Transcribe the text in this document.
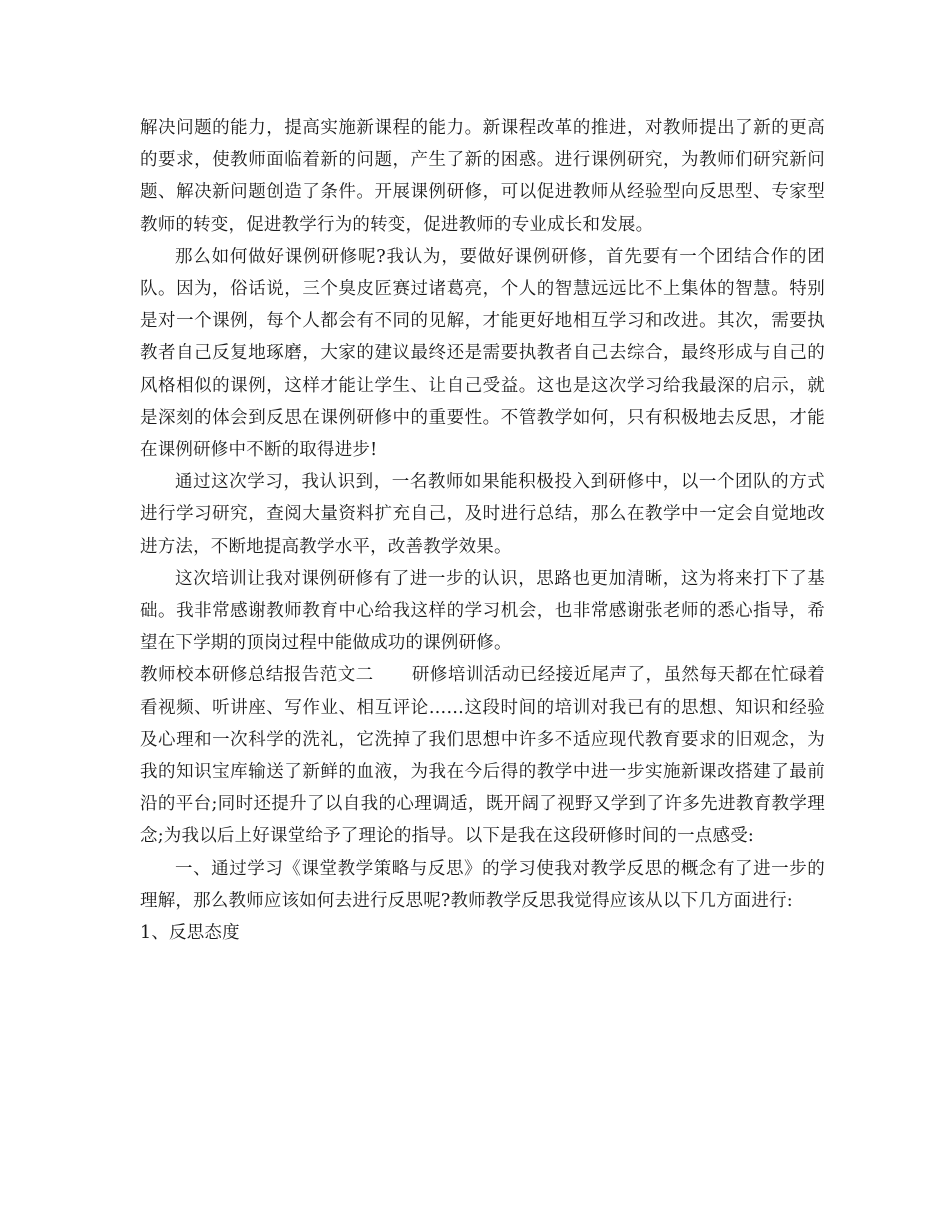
解决问题的能力，提高实施新课程的能力。新课程改革的推进，对教师提出了新的更高的要求，使教师面临着新的问题，产生了新的困惑。进行课例研究，为教师们研究新问题、解决新问题创造了条件。开展课例研修，可以促进教师从经验型向反思型、专家型教师的转变，促进教学行为的转变，促进教师的专业成长和发展。

那么如何做好课例研修呢?我认为，要做好课例研修，首先要有一个团结合作的团队。因为，俗话说，三个臭皮匠赛过诸葛亮，个人的智慧远远比不上集体的智慧。特别是对一个课例，每个人都会有不同的见解，才能更好地相互学习和改进。其次，需要执教者自己反复地琢磨，大家的建议最终还是需要执教者自己去综合，最终形成与自己的风格相似的课例，这样才能让学生、让自己受益。这也是这次学习给我最深的启示，就是深刻的体会到反思在课例研修中的重要性。不管教学如何，只有积极地去反思，才能在课例研修中不断的取得进步!

通过这次学习，我认识到，一名教师如果能积极投入到研修中，以一个团队的方式进行学习研究，查阅大量资料扩充自己，及时进行总结，那么在教学中一定会自觉地改进方法，不断地提高教学水平，改善教学效果。

这次培训让我对课例研修有了进一步的认识，思路也更加清晰，这为将来打下了基础。我非常感谢教师教育中心给我这样的学习机会，也非常感谢张老师的悉心指导，希望在下学期的顶岗过程中能做成功的课例研修。

教师校本研修总结报告范文二 研修培训活动已经接近尾声了，虽然每天都在忙碌着看视频、听讲座、写作业、相互评论……这段时间的培训对我已有的思想、知识和经验及心理和一次科学的洗礼，它洗掉了我们思想中许多不适应现代教育要求的旧观念，为我的知识宝库输送了新鲜的血液，为我在今后得的教学中进一步实施新课改搭建了最前沿的平台;同时还提升了以自我的心理调适，既开阔了视野又学到了许多先进教育教学理念;为我以后上好课堂给予了理论的指导。以下是我在这段研修时间的一点感受:

一、通过学习《课堂教学策略与反思》的学习使我对教学反思的概念有了进一步的理解，那么教师应该如何去进行反思呢?教师教学反思我觉得应该从以下几方面进行:

1、反思态度
